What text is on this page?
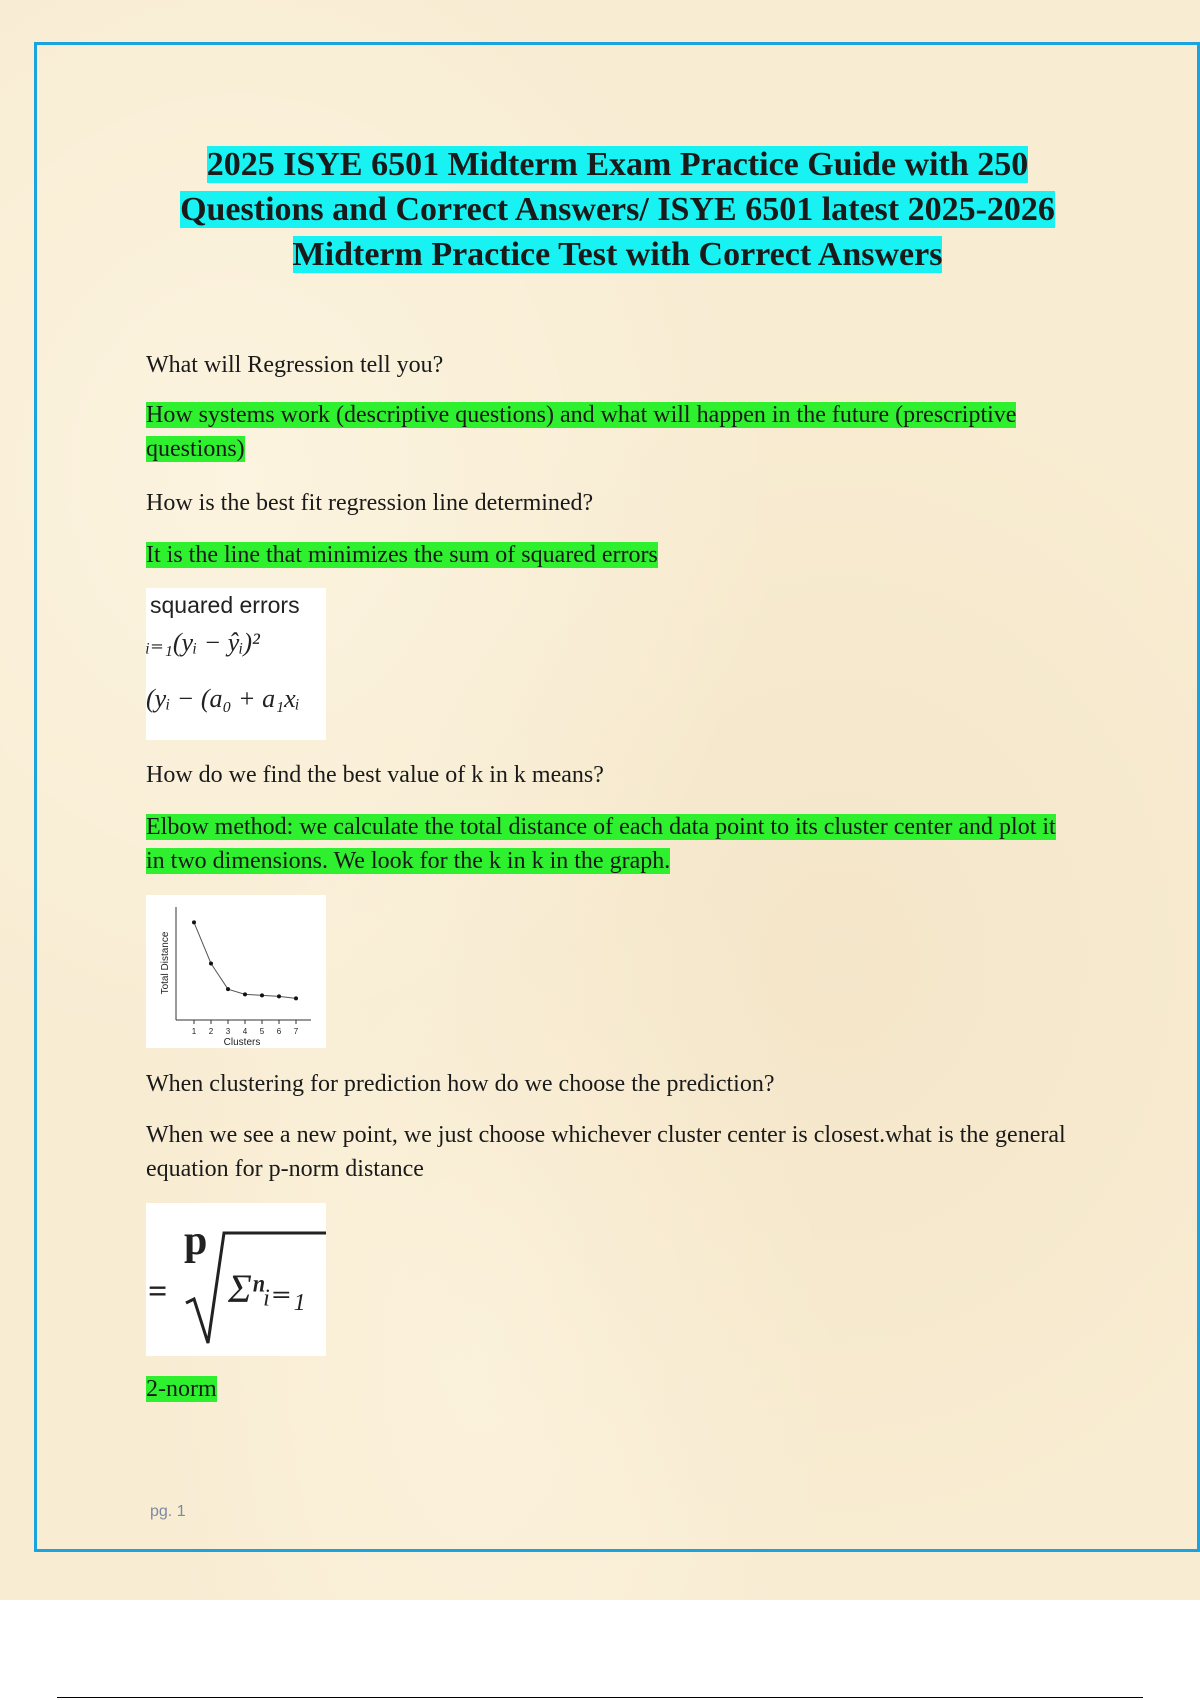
2025 ISYE 6501 Midterm Exam Practice Guide with 250
Questions and Correct Answers/ ISYE 6501 latest 2025-2026
Midterm Practice Test with Correct Answers
What will Regression tell you?
How systems work (descriptive questions) and what will happen in the future (prescriptive questions)
How is the best fit regression line determined?
It is the line that minimizes the sum of squared errors
squared errors
ᵢ₌₁(yᵢ − ŷᵢ)²
(yᵢ − (a₀ + a₁xᵢ
How do we find the best value of k in k means?
Elbow method: we calculate the total distance of each data point to its cluster center and plot it in two dimensions. We look for the k in k in the graph.
Total Distance
Clusters
1 2 3 4 5 6 7
When clustering for prediction how do we choose the prediction?
When we see a new point, we just choose whichever cluster center is closest.what is the general equation for p-norm distance
=
p
Σⁿᵢ₌₁
2-norm
pg. 1
